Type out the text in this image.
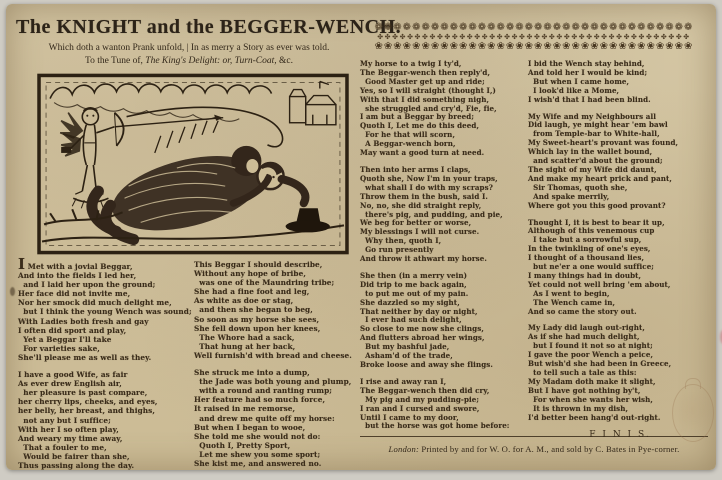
The KNIGHT and the BEGGER-WENCH.
Which doth a wanton Prank unfold, | In as merry a Story as ever was told.
To the Tune of, The King's Delight: or, Turn-Coat, &c.
I Met with a jovial Beggar,
And into the fields I led her,
and I laid her upon the ground;
Her face did not invite me,
Nor her smock did much delight me,
but I think the young Wench was sound;
With Ladies both fresh and gay
I often did sport and play,
Yet a Beggar I'll take
For varieties sake,
She'll please me as well as they.
I have a good Wife, as fair
As ever drew English air,
her pleasure is past compare,
her cherry lips, cheeks, and eyes,
her belly, her breast, and thighs,
not any but I suffice;
With her I so often play,
And weary my time away,
That a fouler to me,
Would be fairer than she,
Thus passing along the day.
This Beggar I should describe,
Without any hope of bribe,
was one of the Maundring tribe;
She had a fine foot and leg,
As white as doe or stag,
and then she began to beg,
So soon as my horse she sees,
She fell down upon her knees,
The Whore had a sack,
That hung at her back,
Well furnish'd with bread and cheese.
She struck me into a dump,
the Jade was both young and plump,
with a round and ranting rump;
Her feature had so much force,
It raised in me remorse,
and drew me quite off my horse:
But when I began to wooe,
She told me she would not do:
Quoth I, Pretty Sport,
Let me shew you some sport;
She kist me, and answered no.
❁❁❁❁❁❁❁❁❁❁❁❁❁❁❁❁❁❁❁❁❁❁❁❁❁❁❁❁❁❁❁❁❁❁
✤✤✤✤✤✤✤✤✤✤✤✤✤✤✤✤✤✤✤✤✤✤✤✤✤✤✤✤✤✤✤✤✤✤✤✤✤✤✤✤✤✤
❀❀❀❀❀❀❀❀❀❀❀❀❀❀❀❀❀❀❀❀❀❀❀❀❀❀❀❀❀❀❀❀❀❀
My horse to a twig I ty'd,
The Beggar-wench then reply'd,
Good Master get up and ride;
Yes, so I will straight (thought I,)
With that I did something nigh,
she struggled and cry'd, Fie, fie,
I am but a Beggar by breed;
Quoth I, Let me do this deed,
For he that will scorn,
A Beggar-wench born,
May want a good turn at need.
Then into her arms I claps,
Quoth she, Now I'm in your traps,
what shall I do with my scraps?
Throw them in the bush, said I.
No, no, she did straight reply,
there's pig, and pudding, and pie,
We beg for better or worse,
My blessings I will not curse.
Why then, quoth I,
Go run presently
And throw it athwart my horse.
She then (in a merry vein)
Did trip to me back again,
to put me out of my pain.
She dazzled so my sight,
That neither by day or night,
I ever had such delight,
So close to me now she clings,
And flutters abroad her wings,
But my bashful jade,
Asham'd of the trade,
Broke loose and away she flings.
I rise and away ran I,
The Beggar-wench then did cry,
My pig and my pudding-pie;
I ran and I cursed and swore,
Until I came to my door,
but the horse was got home before:
I bid the Wench stay behind,
And told her I would be kind;
But when I came home,
I look'd like a Mome,
I wish'd that I had been blind.
My Wife and my Neighbours all
Did laugh, ye might hear 'em bawl
from Temple-bar to White-hall,
My Sweet-heart's provant was found,
Which lay in the wallet bound,
and scatter'd about the ground;
The sight of my Wife did daunt,
And make my heart prick and pant,
Sir Thomas, quoth she,
And spake merrily,
Where got you this good provant?
Thought I, it is best to bear it up,
Although of this venemous cup
I take but a sorrowful sup,
In the twinkling of one's eyes,
I thought of a thousand lies,
but ne'er a one would suffice;
I many things had in doubt,
Yet could not well bring 'em about,
As I went to begin,
The Wench came in,
And so came the story out.
My Lady did laugh out-right,
As if she had much delight,
but I found it not so at night;
I gave the poor Wench a peice,
But wish'd she had been in Greece,
to tell such a tale as this:
My Madam doth make it slight,
But I have got nothing by't,
For when she wants her wish,
It is thrown in my dish,
I'd better been hang'd out-right.
F I N I S.
London: Printed by and for W. O. for A. M., and sold by C. Bates in Pye-corner.
